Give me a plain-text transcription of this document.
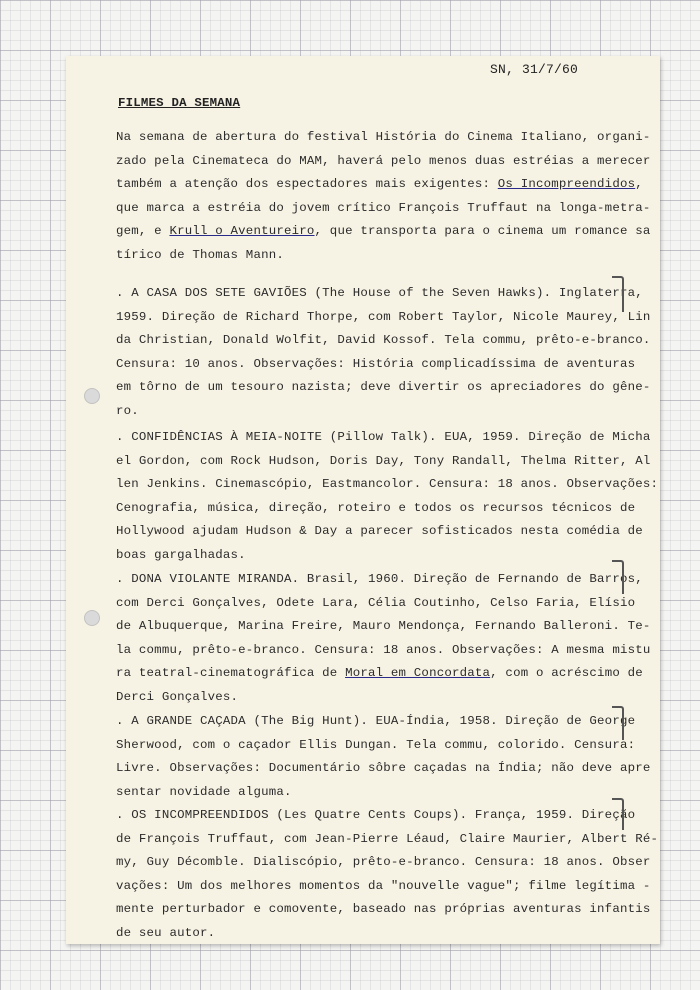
SN, 31/7/60
FILMES DA SEMANA
Na semana de abertura do festival História do Cinema Italiano, organi-
zado pela Cinemateca do MAM, haverá pelo menos duas estréias a merecer
também a atenção dos espectadores mais exigentes: Os Incompreendidos,
que marca a estréia do jovem crítico François Truffaut na longa-metra-
gem, e Krull o Aventureiro, que transporta para o cinema um romance sa
tírico de Thomas Mann.
. A CASA DOS SETE GAVIÕES (The House of the Seven Hawks). Inglaterra,
1959. Direção de Richard Thorpe, com Robert Taylor, Nicole Maurey, Lin
da Christian, Donald Wolfit, David Kossof. Tela commu, prêto-e-branco.
Censura: 10 anos. Observações: História complicadíssima de aventuras
em tôrno de um tesouro nazista; deve divertir os apreciadores do gêne-
ro.
. CONFIDÊNCIAS À MEIA-NOITE (Pillow Talk). EUA, 1959. Direção de Micha
el Gordon, com Rock Hudson, Doris Day, Tony Randall, Thelma Ritter, Al
len Jenkins. Cinemascópio, Eastmancolor. Censura: 18 anos. Observações:
Cenografia, música, direção, roteiro e todos os recursos técnicos de
Hollywood ajudam Hudson & Day a parecer sofisticados nesta comédia de
boas gargalhadas.
. DONA VIOLANTE MIRANDA. Brasil, 1960. Direção de Fernando de Barros,
com Derci Gonçalves, Odete Lara, Célia Coutinho, Celso Faria, Elísio
de Albuquerque, Marina Freire, Mauro Mendonça, Fernando Balleroni. Te-
la commu, prêto-e-branco. Censura: 18 anos. Observações: A mesma mistu
ra teatral-cinematográfica de Moral em Concordata, com o acréscimo de
Derci Gonçalves.
. A GRANDE CAÇADA (The Big Hunt). EUA-Índia, 1958. Direção de George
Sherwood, com o caçador Ellis Dungan. Tela commu, colorido. Censura:
Livre. Observações: Documentário sôbre caçadas na Índia; não deve apre
sentar novidade alguma.
. OS INCOMPREENDIDOS (Les Quatre Cents Coups). França, 1959. Direção
de François Truffaut, com Jean-Pierre Léaud, Claire Maurier, Albert Ré-
my, Guy Décomble. Dialiscópio, prêto-e-branco. Censura: 18 anos. Obser
vações: Um dos melhores momentos da "nouvelle vague"; filme legítima -
mente perturbador e comovente, baseado nas próprias aventuras infantis
de seu autor.
